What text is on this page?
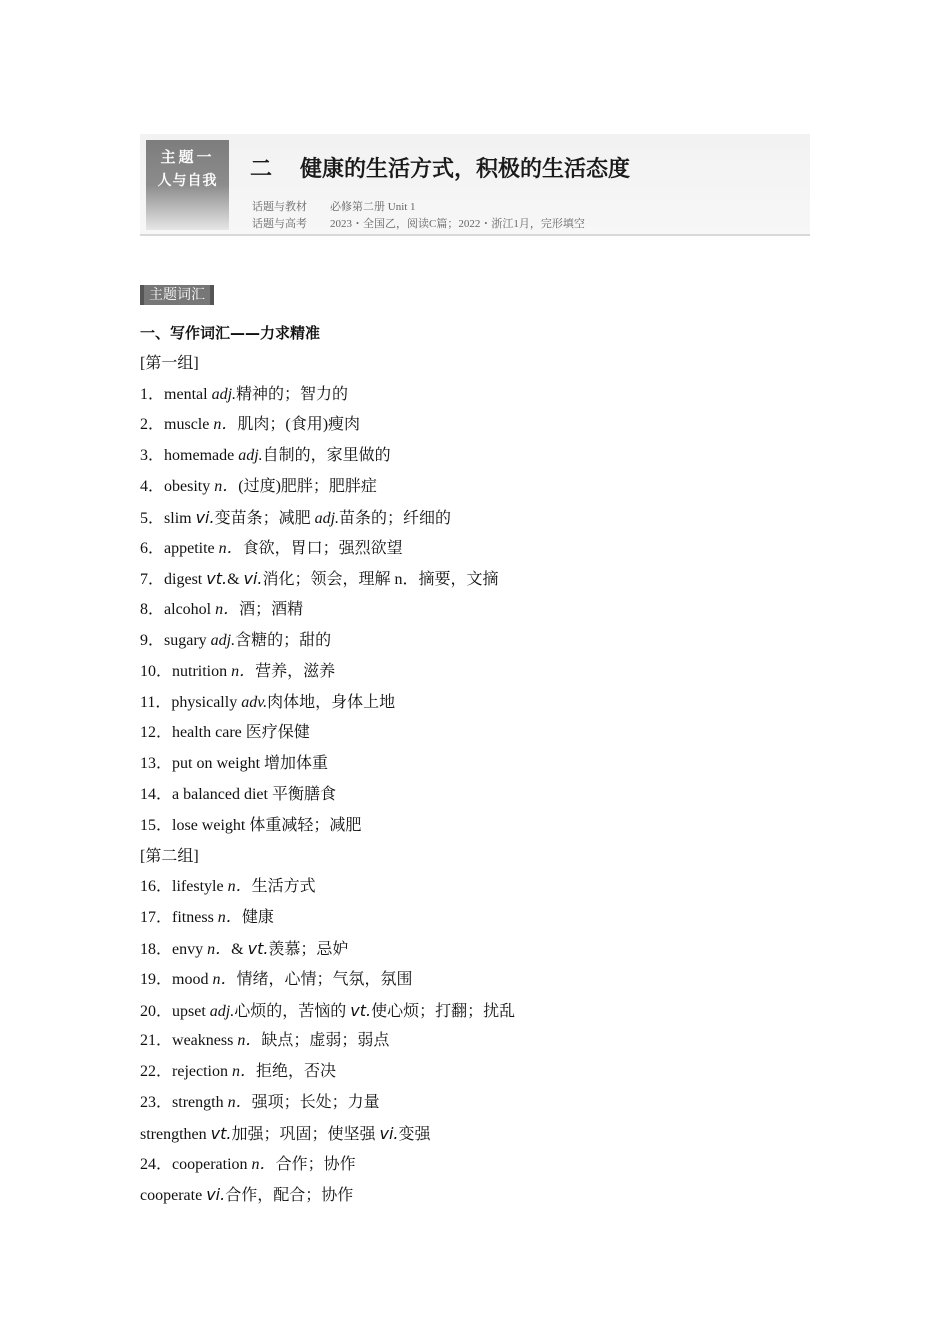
主题一
人与自我	二 健康的生活方式，积极的生活态度
话题与教材 必修第二册 Unit 1
话题与高考 2023・全国乙，阅读C篇；2022・浙江1月，完形填空
主题词汇
一、写作词汇——力求精准
[第一组]
1．mental adj.精神的；智力的
2．muscle n．肌肉；(食用)瘦肉
3．homemade adj.自制的，家里做的
4．obesity n．(过度)肥胖；肥胖症
5．slim vi.变苗条；减肥 adj.苗条的；纤细的
6．appetite n．食欲，胃口；强烈欲望
7．digest vt.& vi.消化；领会，理解 n．摘要，文摘
8．alcohol n．酒；酒精
9．sugary adj.含糖的；甜的
10．nutrition n．营养，滋养
11．physically adv.肉体地，身体上地
12．health care 医疗保健
13．put on weight 增加体重
14．a balanced diet 平衡膳食
15．lose weight 体重减轻；减肥
[第二组]
16．lifestyle n．生活方式
17．fitness n．健康
18．envy n．& vt.羡慕；忌妒
19．mood n．情绪，心情；气氛，氛围
20．upset adj.心烦的，苦恼的 vt.使心烦；打翻；扰乱
21．weakness n．缺点；虚弱；弱点
22．rejection n．拒绝，否决
23．strength n．强项；长处；力量
strengthen vt.加强；巩固；使坚强 vi.变强
24．cooperation n．合作；协作
cooperate vi.合作，配合；协作
